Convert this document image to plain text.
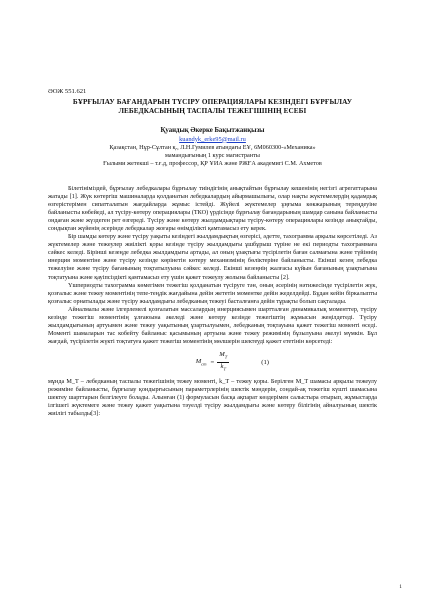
ӘОЖ 551.621

БҰРҒЫЛАУ БАҒАНДАРЫН ТҮСІРУ ОПЕРАЦИЯЛАРЫ КЕЗІНДЕГІ БҰРҒЫЛАУ
ЛЕБЕДКАСЫНЫҢ ТАСПАЛЫ ТЕЖЕГІШІНІҢ ЕСЕБІ

Қуандық Әкерке Бақытжанқызы

kuandyk_erke95@mail.ru

Қазақстан, Нұр-Сұлтан қ., Л.Н.Гумилев атындағы ЕҰ, 6М060300-«Механика»

мамандығының 1 курс магистранты

Ғылыми жетекші – т.ғ.д, профессор, ҚР ҰИА және РЖҒА академигі С.М. Ахметов

Білетініміздей, бұрғылау лебедкалары бұрғылау тиіндігінің анықтайтын бұрғылау кешенінің негізгі агрегаттарына жатады [1]. Жүк көтергіш машиналарда қолданатын лебедкалардың айырмашылығы, олар нақты жүктемелердің қадамдық өзгерістерімен сипатталатын жағдайларда жұмыс істейді. Жүйелі жүктемелер ұңғыма көкжарының тереңдеуіне байланысты көбейеді, ал түсіру-көтеру операциялары (ТКО) үрдісінде бұрғылау бағандарының шамдар санына байланысты ондаған және жүздеген рет өзгереді. Түсіру және көтеру жылдамдықтары түсіру-көтеру операциялары кезінде анықтайды, сондықтан жүйенің әсерінде лебедкалар жоғары өнімділікті қамтамасыз ету керек.

Бір шамды көтеру және түсіру уақыты кезіндегі жылдамдықтың өзгерісі, әдетте, тахограмма арқылы көрсетіледі. Аз жүктемелер және тежеулер жиілікті қоры кезінде түсіру жылдамдығы ұшбұрыш түріне не екі периодты тахограммаға сәйкес келеді. Бірінші кезеңде лебедка жылдамдығы артады, ал оның ұзақтығы түсірілетін баған салмағына және түйіннің инерция моментіне және түсіру кезінде көрінетін көтеру механизмінің бөліктеріне байланысты. Екінші кезең лебедка тежелуіне және түсіру бағанының тоқтатылуына сәйкес келеді. Екінші кезеңнің жалғасы күйын бағанының ұзақтығына тоқтатуына және қауіпсіздікті қамтамасыз ету үшін қажет тежеулу жолына байланысты [2].

Үшпериодты тахограмма көмегімен тежегіш қолданатын түсіруге тән, оның әсерінің нәтижесінде түсірілетін жүк, қозғалыс және тежеу моментінің тепе-теңдік жағдайына дейін жететін моментке дейін жеделдейді. Бұдан кейін біркалыпты қозғалыс орнатылады және түсіру жылдамдығы лебедканың тежеуі басталғанға дейін тұрақты болып сақталады.

Айналмалы және ілгерлемелі қозғалатын массалардың инерциясымен шартталған динамикалық моменттер, түсіру кезінде тежегіш моментінің ұлғаюына әкеледі және көтеру кезінде тежегіштің жұмысын жеңілдетеді. Түсіру жылдамдығының артуымен және тежеу уақытының ұзартылуымен, лебедканың тоқтауына қажет тежегіш моменті өседі. Моменті шамаларын тас кобейту байланыс қасымының артуына және тежеу режимінің бұзылуына әкелуі мүмкін. Бұл жағдай, түсірілетін жүкті тоқтатуға қажет тежегіш моментінің мөлшерін шектеуді қажет ететінін көрсетеді:

$M_{ст} = \frac{M_T}{k_T}$	(1)

мұнда M_T – лебедканың таспалы тежегішінің тежеу моменті, k_T – тежеу қоры. Берілген M_T шамасы арқылы тежеулу режиміне байланысты, бұрғылау қондырғысының параметрлерінің шектік мәндерін, сондай-ақ тежегіш күшті шамасына шектеу шарттарын белгілеуге болады. Алынған (1) формуласын басқа ақпарат көздерімен салыстыра отырып, жұмыстарда ілгішегі жүктемеге және тежеу қажет уақытына тәуелді түсіру жылдамдығы және көтеру білігінің айналуының шектік жиілігі табылды[3]:

1
